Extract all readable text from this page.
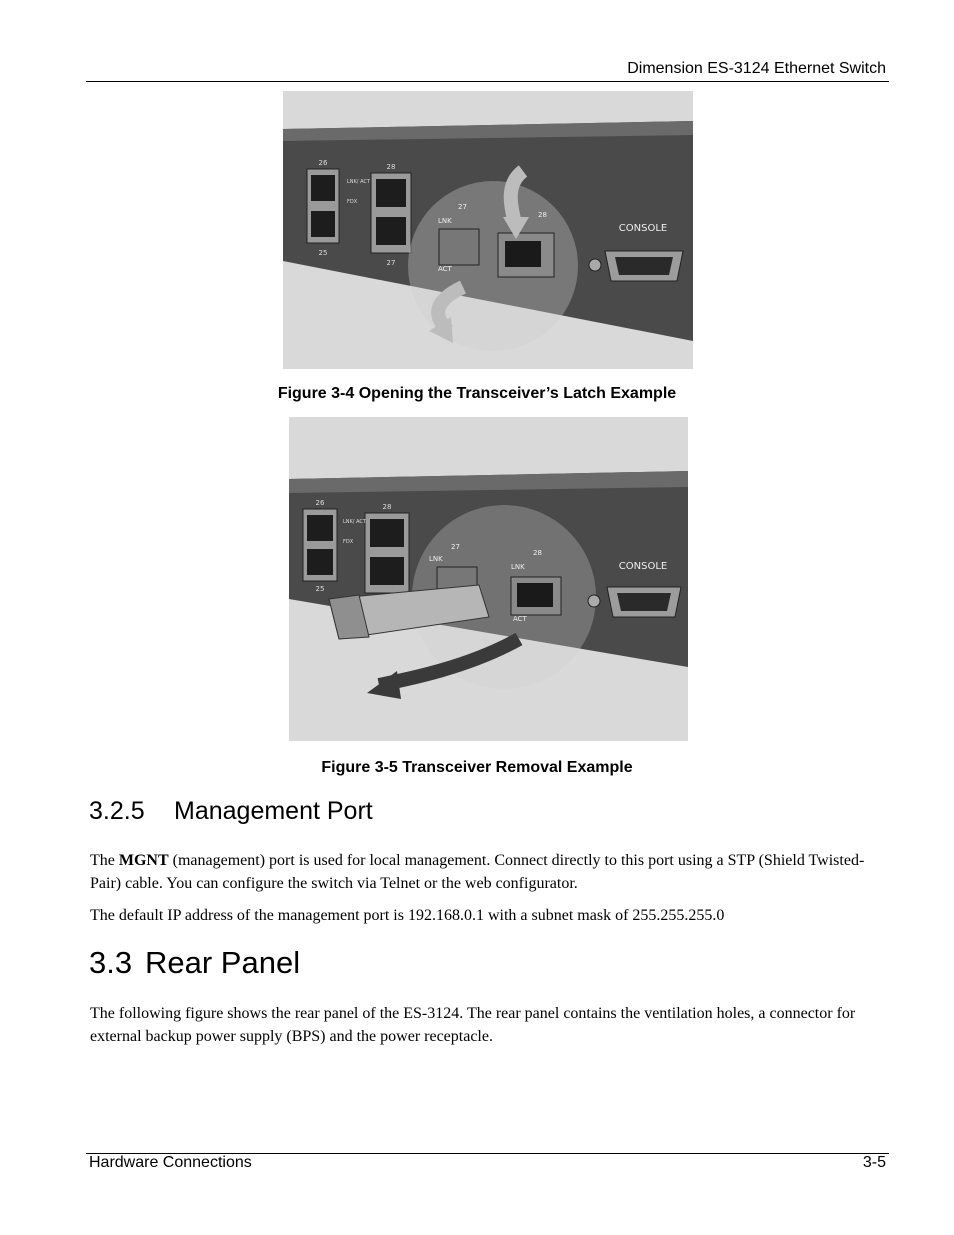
Dimension ES-3124 Ethernet Switch
26
25
28
27
LNK/ ACT
FDX
LNK
ACT
27
28
CONSOLE
Figure 3-4 Opening the Transceiver’s Latch Example
26
25
28
LNK/ ACT
FDX
LNK
LNK
ACT
27
28
CONSOLE
Figure 3-5 Transceiver Removal Example
3.2.5 Management Port
The MGNT (management) port is used for local management. Connect directly to this port using a STP (Shield Twisted-Pair) cable. You can configure the switch via Telnet or the web configurator.
The default IP address of the management port is 192.168.0.1 with a subnet mask of 255.255.255.0
3.3 Rear Panel
The following figure shows the rear panel of the ES-3124. The rear panel contains the ventilation holes, a connector for external backup power supply (BPS) and the power receptacle.
Hardware Connections	3-5
